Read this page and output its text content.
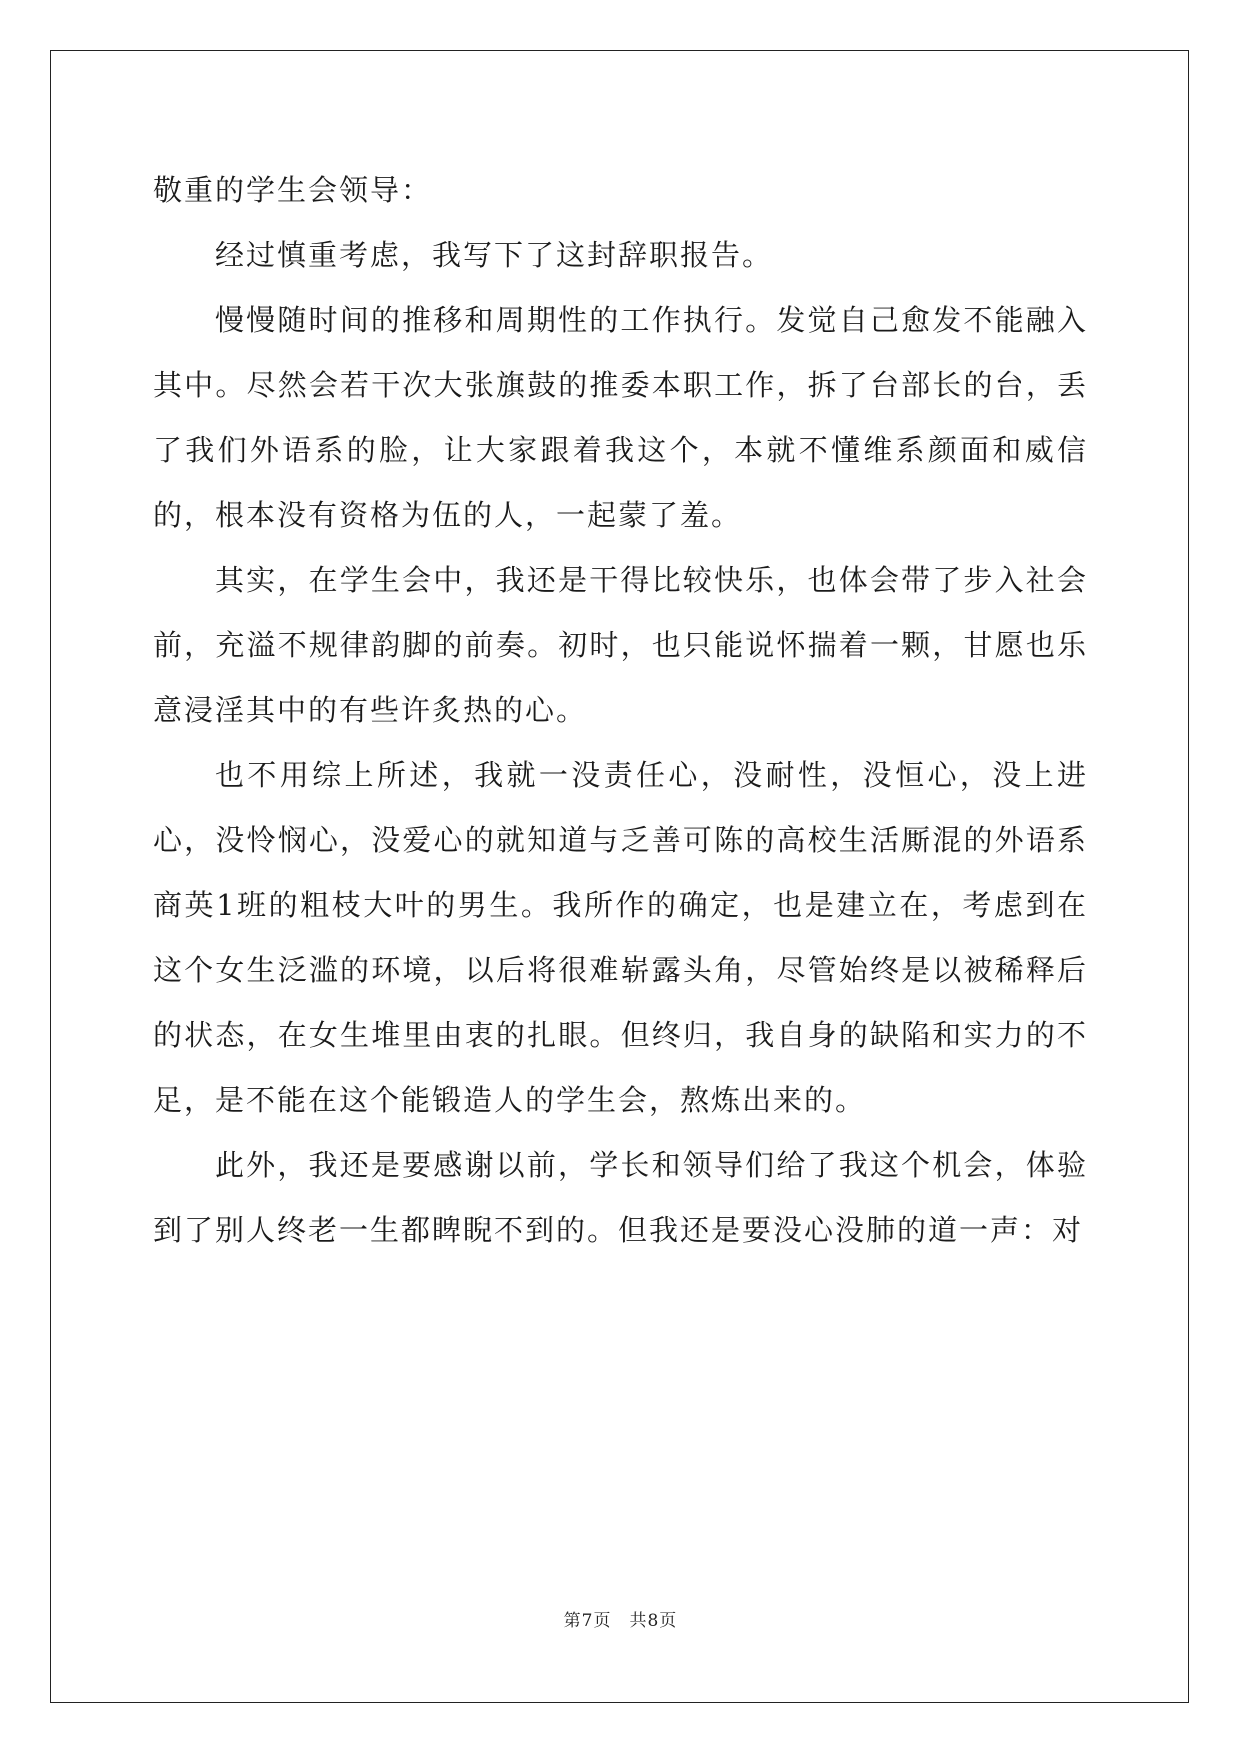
敬重的学生会领导：

经过慎重考虑，我写下了这封辞职报告。

慢慢随时间的推移和周期性的工作执行。发觉自己愈发不能融入其中。尽然会若干次大张旗鼓的推委本职工作，拆了台部长的台，丢了我们外语系的脸，让大家跟着我这个，本就不懂维系颜面和威信的，根本没有资格为伍的人，一起蒙了羞。

其实，在学生会中，我还是干得比较快乐，也体会带了步入社会前，充溢不规律韵脚的前奏。初时，也只能说怀揣着一颗，甘愿也乐意浸淫其中的有些许炙热的心。

也不用综上所述，我就一没责任心，没耐性，没恒心，没上进心，没怜悯心，没爱心的就知道与乏善可陈的高校生活厮混的外语系商英1班的粗枝大叶的男生。我所作的确定，也是建立在，考虑到在这个女生泛滥的环境，以后将很难崭露头角，尽管始终是以被稀释后的状态，在女生堆里由衷的扎眼。但终归，我自身的缺陷和实力的不足，是不能在这个能锻造人的学生会，熬炼出来的。

此外，我还是要感谢以前，学长和领导们给了我这个机会，体验到了别人终老一生都睥睨不到的。但我还是要没心没肺的道一声：对

第7页　共8页
